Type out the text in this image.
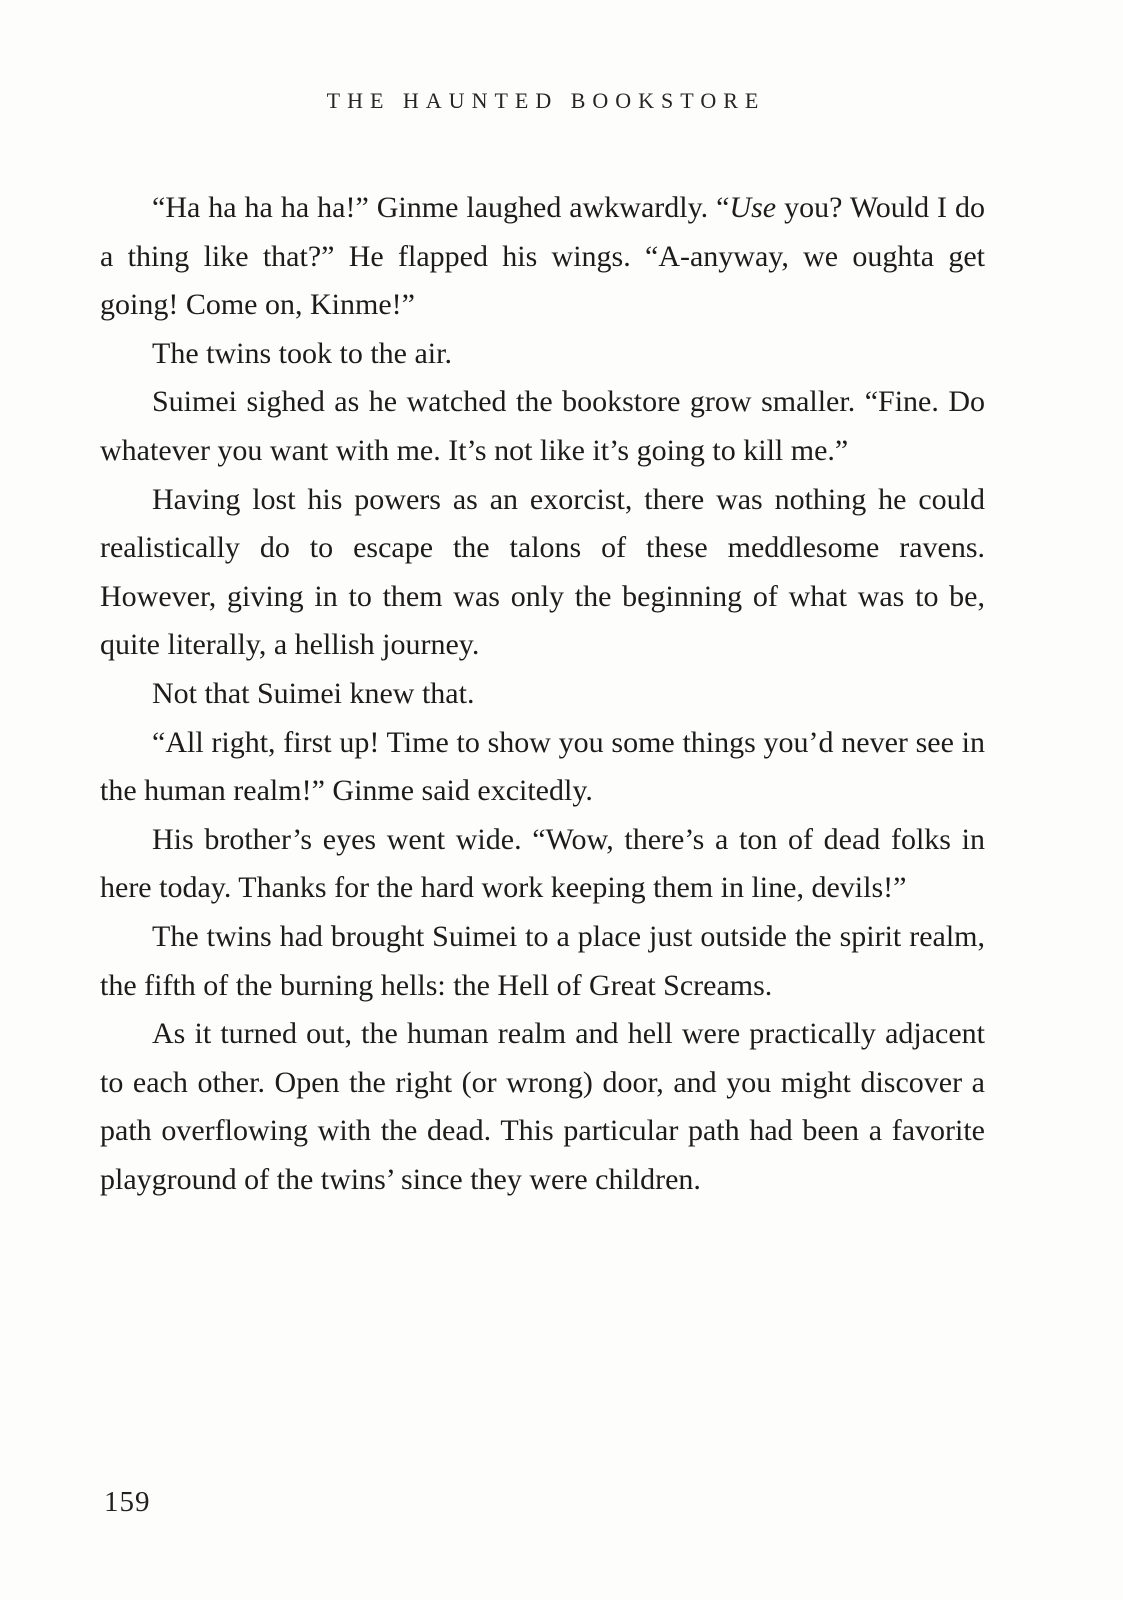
THE HAUNTED BOOKSTORE

“Ha ha ha ha ha!” Ginme laughed awkwardly. “Use you? Would I do a thing like that?” He flapped his wings. “A-anyway, we oughta get going! Come on, Kinme!”

The twins took to the air.

Suimei sighed as he watched the bookstore grow smaller. “Fine. Do whatever you want with me. It’s not like it’s going to kill me.”

Having lost his powers as an exorcist, there was nothing he could realistically do to escape the talons of these meddlesome ravens. However, giving in to them was only the beginning of what was to be, quite literally, a hellish journey.

Not that Suimei knew that.

“All right, first up! Time to show you some things you’d never see in the human realm!” Ginme said excitedly.

His brother’s eyes went wide. “Wow, there’s a ton of dead folks in here today. Thanks for the hard work keeping them in line, devils!”

The twins had brought Suimei to a place just outside the spirit realm, the fifth of the burning hells: the Hell of Great Screams.

As it turned out, the human realm and hell were practically adjacent to each other. Open the right (or wrong) door, and you might discover a path overflowing with the dead. This particular path had been a favorite playground of the twins’ since they were children.

159
